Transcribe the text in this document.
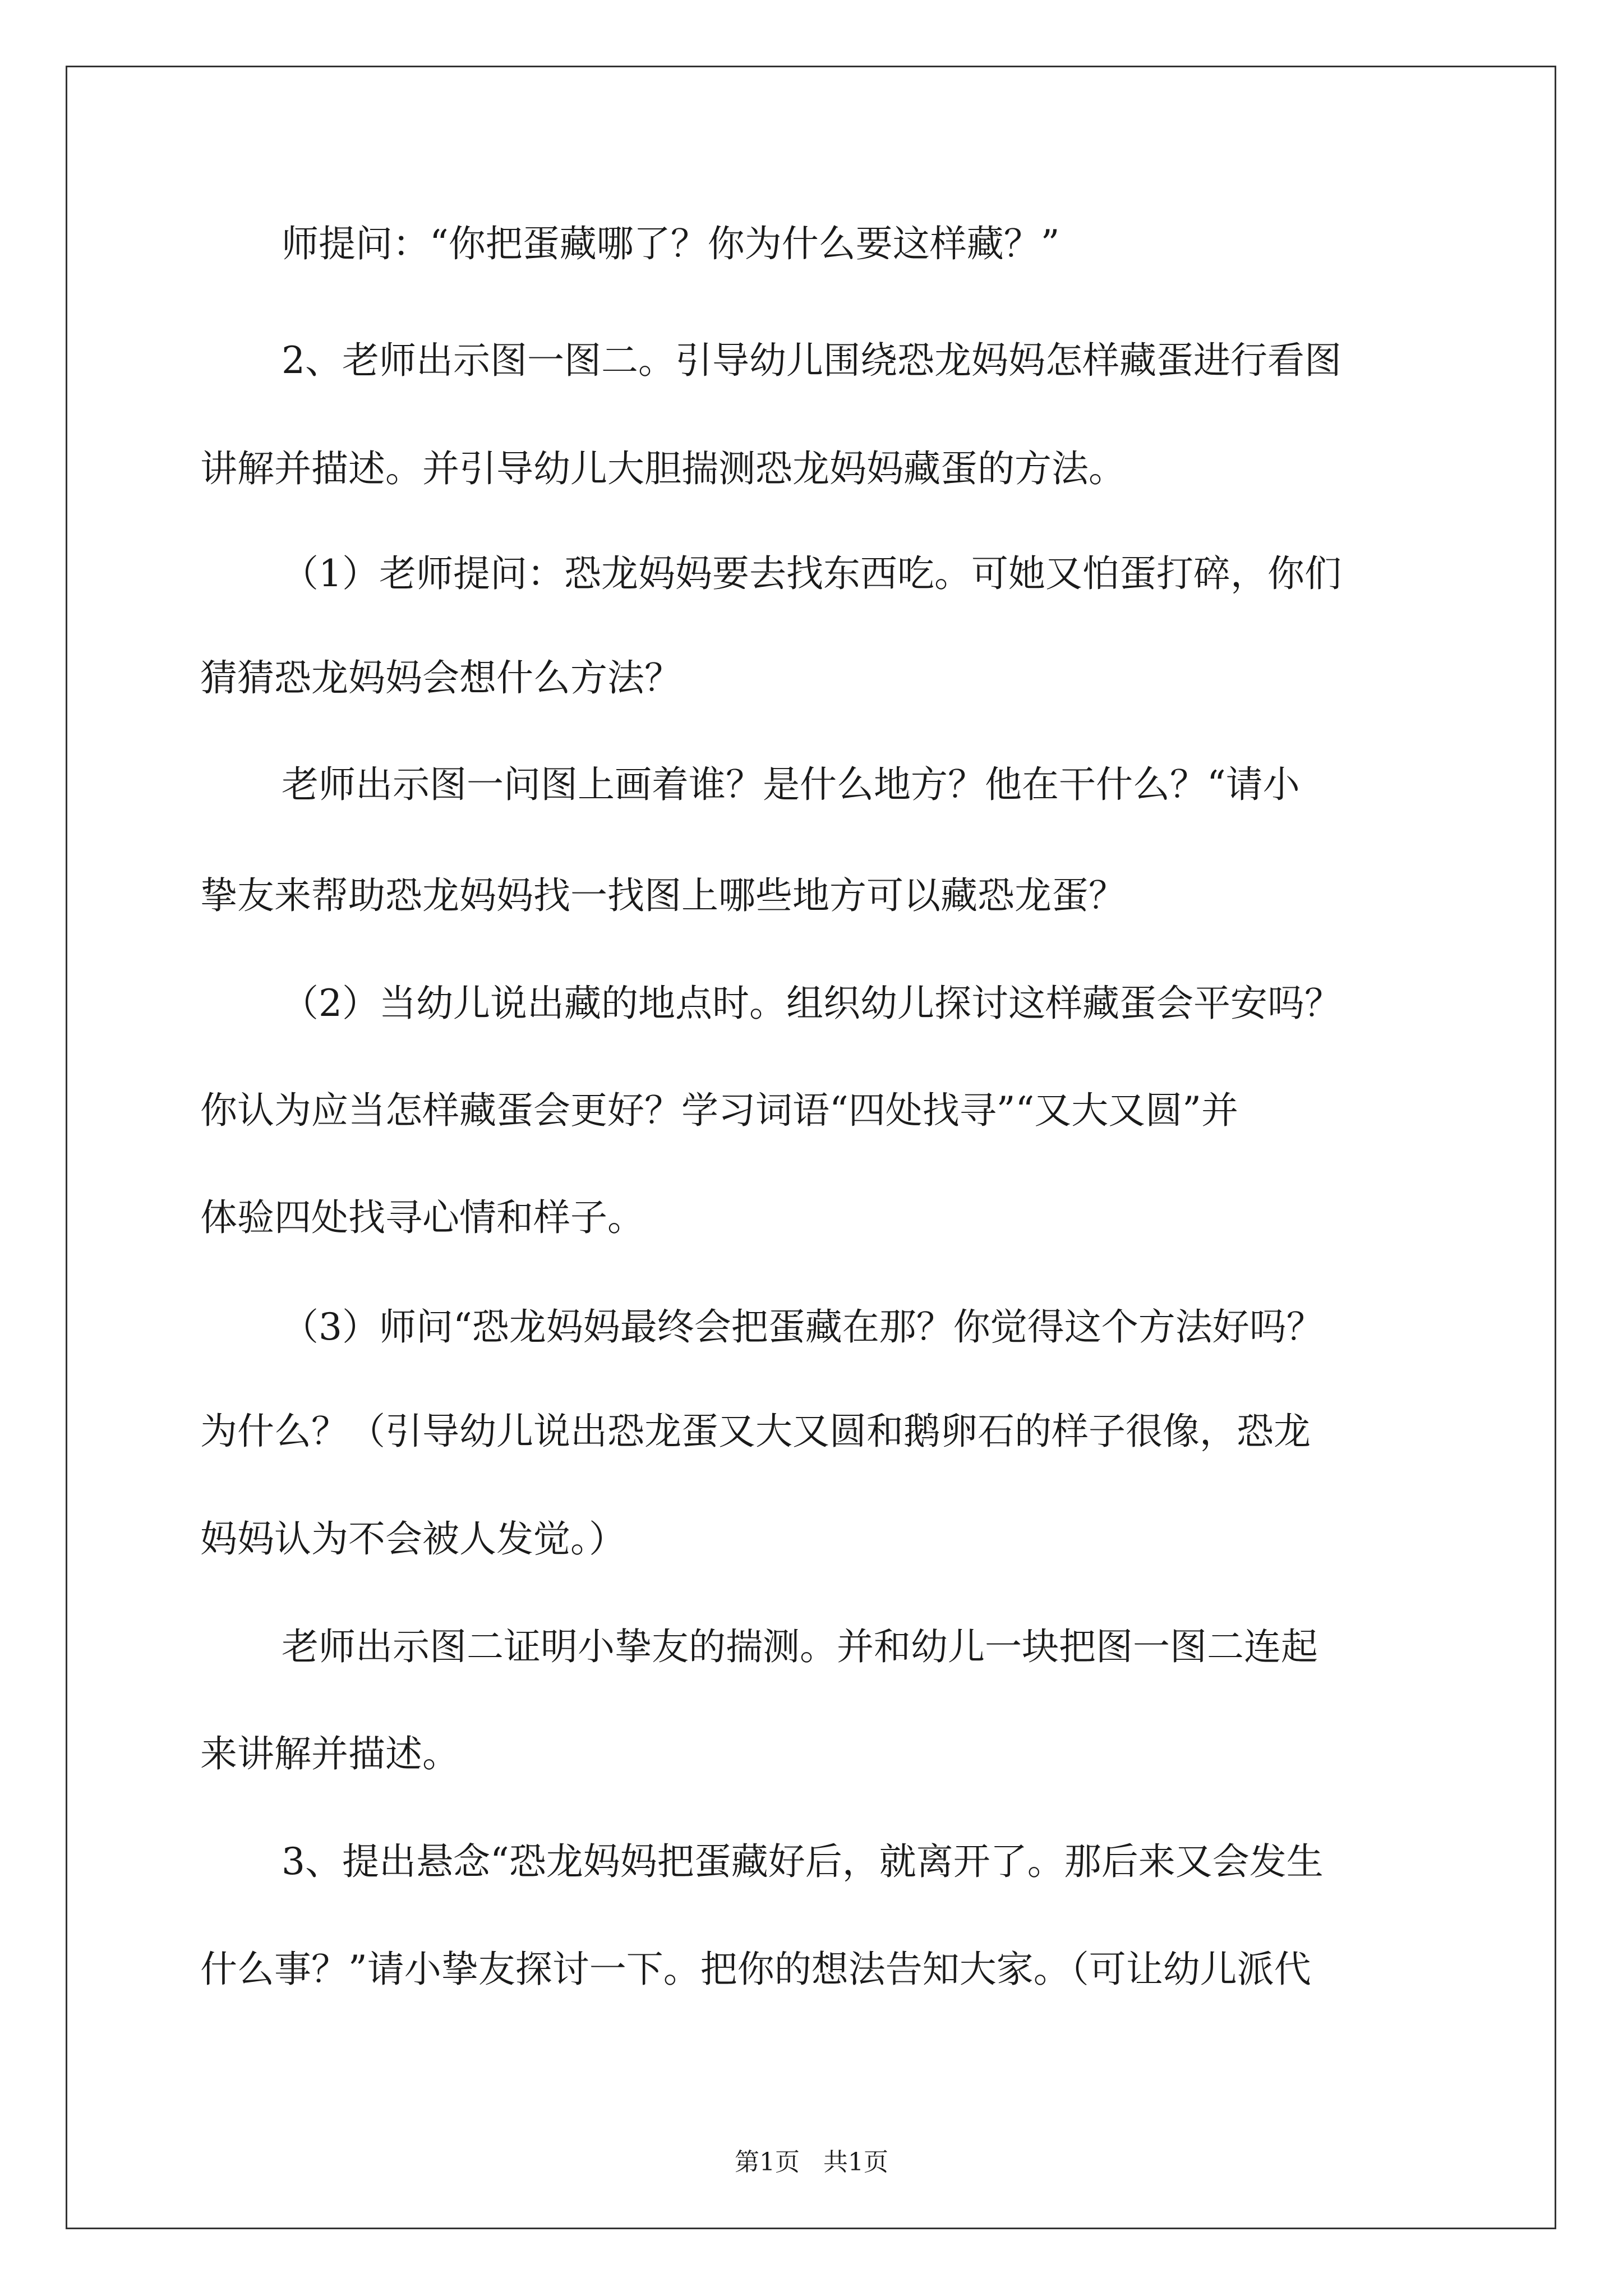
师提问：“你把蛋藏哪了？你为什么要这样藏？”
2、老师出示图一图二。引导幼儿围绕恐龙妈妈怎样藏蛋进行看图
讲解并描述。并引导幼儿大胆揣测恐龙妈妈藏蛋的方法。
（1）老师提问：恐龙妈妈要去找东西吃。可她又怕蛋打碎，你们
猜猜恐龙妈妈会想什么方法？
老师出示图一问图上画着谁？是什么地方？他在干什么？“请小
挚友来帮助恐龙妈妈找一找图上哪些地方可以藏恐龙蛋？
（2）当幼儿说出藏的地点时。组织幼儿探讨这样藏蛋会平安吗？
你认为应当怎样藏蛋会更好？学习词语“四处找寻”“又大又圆”并
体验四处找寻心情和样子。
（3）师问“恐龙妈妈最终会把蛋藏在那？你觉得这个方法好吗？
为什么？（引导幼儿说出恐龙蛋又大又圆和鹅卵石的样子很像，恐龙
妈妈认为不会被人发觉。）
老师出示图二证明小挚友的揣测。并和幼儿一块把图一图二连起
来讲解并描述。
3、提出悬念“恐龙妈妈把蛋藏好后，就离开了。那后来又会发生
什么事？”请小挚友探讨一下。把你的想法告知大家。（可让幼儿派代
第1页   共1页
